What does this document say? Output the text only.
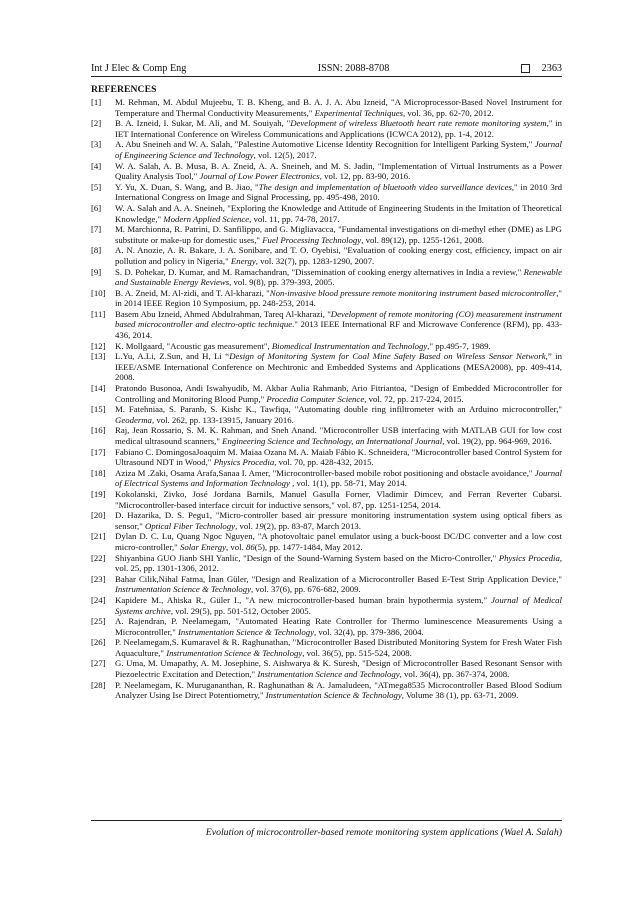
Int J Elec & Comp Eng	ISSN: 2088-8708	2363
REFERENCES
[1]	M. Rehman, M. Abdul Mujeebu, T. B. Kheng, and B. A. J. A. Abu Izneid, "A Microprocessor-Based Novel Instrument for Temperature and Thermal Conductivity Measurements," Experimental Techniques, vol. 36, pp. 62-70, 2012.
[2]	B. A. Izneid, I. Sukar, M. Ali, and M. Souiyah, "Development of wireless Bluetooth heart rate remote monitoring system," in IET International Conference on Wireless Communications and Applications (ICWCA 2012), pp. 1-4, 2012.
[3]	A. Abu Sneineh and W. A. Salah, "Palestine Automotive License Identity Recognition for Intelligent Parking System," Journal of Engineering Science and Technology, vol. 12(5), 2017.
[4]	W. A. Salah, A. B. Musa, B. A. Zneid, A. A. Sneineh, and M. S. Jadin, "Implementation of Virtual Instruments as a Power Quality Analysis Tool," Journal of Low Power Electronics, vol. 12, pp. 83-90, 2016.
[5]	Y. Yu, X. Duan, S. Wang, and B. Jiao, "The design and implementation of bluetooth video surveillance devices," in 2010 3rd International Congress on Image and Signal Processing, pp. 495-498, 2010.
[6]	W. A. Salah and A. A. Sneineh, "Exploring the Knowledge and Attitude of Engineering Students in the Imitation of Theoretical Knowledge," Modern Applied Science, vol. 11, pp. 74-78, 2017.
[7]	M. Marchionna, R. Patrini, D. Sanfilippo, and G. Migliavacca, "Fundamental investigations on di-methyl ether (DME) as LPG substitute or make-up for domestic uses," Fuel Processing Technology, vol. 89(12), pp. 1255-1261, 2008.
[8]	A. N. Anozie, A. R. Bakare, J. A. Sonibare, and T. O. Oyebisi, "Evaluation of cooking energy cost, efficiency, impact on air pollution and policy in Nigeria," Energy, vol. 32(7), pp. 1283-1290, 2007.
[9]	S. D. Pohekar, D. Kumar, and M. Ramachandran, "Dissemination of cooking energy alternatives in India a review," Renewable and Sustainable Energy Reviews, vol. 9(8), pp. 379-393, 2005.
[10]	B. A. Zneid, M. Al-zidi, and T. Al-kharazi, "Non-invasive blood pressure remote monitoring instrument based microcontroller," in 2014 IEEE Region 10 Symposium, pp. 248-253, 2014.
[11]	Basem Abu Izneid, Ahmed Abdulrahman, Tareq Al-kharazi, "Development of remote monitoring (CO) measurement instrument based microcontroller and electro-optic technique." 2013 IEEE International RF and Microwave Conference (RFM), pp. 433-436, 2014.
[12]	K. Mollgaard, "Acoustic gas measurement", Biomedical Instrumentation and Technology," pp.495-7, 1989.
[13]	L.Yu, A.Li, Z.Sun, and H, Li “Design of Monitoring System for Coal Mine Safety Based on Wireless Sensor Network,” in IEEE/ASME International Conference on Mechtronic and Embedded Systems and Applications (MESA2008), pp. 409-414, 2008.
[14]	Pratondo Busonoa, Andi Iswahyudib, M. Akbar Aulia Rahmanb, Ario Fitriantoa, "Design of Embedded Microcontroller for Controlling and Monitoring Blood Pump," Procedia Computer Science, vol. 72, pp. 217-224, 2015.
[15]	M. Fatehniaa, S. Paranb, S. Kishc K., Tawfiqa, "Automating double ring infiltrometer with an Arduino microcontroller," Geoderma, vol. 262, pp. 133-13915, January 2016.
[16]	Raj, Jean Rossario, S. M. K. Rahman, and Sneh Anand. "Microcontroller USB interfacing with MATLAB GUI for low cost medical ultrasound scanners," Engineering Science and Technology, an International Journal, vol. 19(2), pp. 964-969, 2016.
[17]	Fabiano C. DomingosaJoaquim M. Maiaa Ozana M. A. Maiab Fábio K. Schneidera, "Microcontroller based Control System for Ultrasound NDT in Wood," Physics Procedia, vol. 70, pp. 428-432, 2015.
[18]	Aziza M .Zaki, Osama Arafa,Sanaa I. Amer, "Microcontroller-based mobile robot positioning and obstacle avoidance," Journal of Electrical Systems and Information Technology , vol. 1(1), pp. 58-71, May 2014.
[19]	Kokolanski, Zivko, José Jordana Barnils, Manuel Gasulla Forner, Vladimir Dimcev, and Ferran Reverter Cubarsi. "Microcontroller-based interface circuit for inductive sensors," vol. 87, pp. 1251-1254, 2014.
[20]	D. Hazarika, D. S. Pegu1, "Micro-controller based air pressure monitoring instrumentation system using optical fibers as sensor," Optical Fiber Technology, vol. 19(2), pp. 83-87, March 2013.
[21]	Dylan D. C. Lu, Quang Ngoc Nguyen, "A photovoltaic panel emulator using a buck-boost DC/DC converter and a low cost micro-controller," Solar Energy, vol. 86(5), pp. 1477-1484, May 2012.
[22]	Shiyanbina GUO Jianb SHI Yanlic, "Design of the Sound-Warning System based on the Micro-Controller," Physics Procedia, vol. 25, pp. 1301-1306, 2012.
[23]	Bahar Cilik,Nihal Fatma, İnan Güler, "Design and Realization of a Microcontroller Based E-Test Strip Application Device," Instrumentation Science & Technology, vol. 37(6), pp. 676-682, 2009.
[24]	Kapidere M., Ahiska R., Güler I., "A new microcontroller-based human brain hypothermia system," Journal of Medical Systems archive, vol. 29(5), pp. 501-512, October 2005.
[25]	A. Rajendran, P. Neelamegam, "Automated Heating Rate Controller for Thermo luminescence Measurements Using a Microcontroller," Instrumentation Science & Technology, vol. 32(4), pp. 379-386, 2004.
[26]	P. Neelamegam,S. Kumaravel & R. Raghunathan, "Microcontroller Based Distributed Monitoring System for Fresh Water Fish Aquaculture," Instrumentation Science & Technology, vol. 36(5), pp. 515-524, 2008.
[27]	G. Uma, M. Umapathy, A. M. Josephine, S. Aishwarya & K. Suresh, "Design of Microcontroller Based Resonant Sensor with Piezoelectric Excitation and Detection," Instrumentation Science and Technology, vol. 36(4), pp. 367-374, 2008.
[28]	P. Neelamegam, K. Murugananthan, R. Raghunathan & A. Jamaludeen, "ATmega8535 Microcontroller Based Blood Sodium Analyzer Using Ise Direct Potentiometry," Instrumentation Science & Technology, Volume 38 (1), pp. 63-71, 2009.
Evolution of microcontroller-based remote monitoring system applications (Wael A. Salah)
